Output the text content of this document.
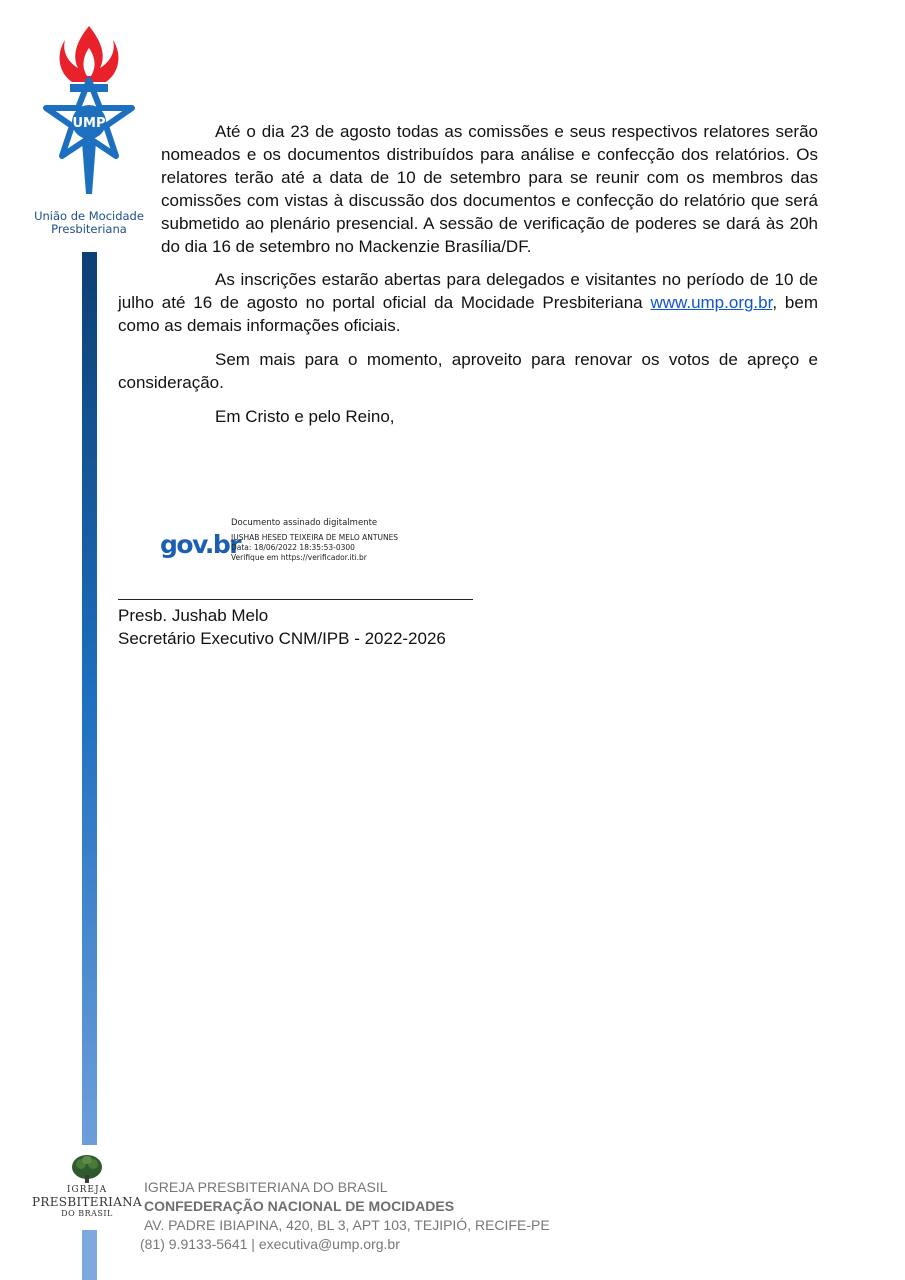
UMP
União de Mocidade
Presbiteriana

Até o dia 23 de agosto todas as comissões e seus respectivos relatores serão nomeados e os documentos distribuídos para análise e confecção dos relatórios. Os relatores terão até a data de 10 de setembro para se reunir com os membros das comissões com vistas à discussão dos documentos e confecção do relatório que será submetido ao plenário presencial. A sessão de verificação de poderes se dará às 20h do dia 16 de setembro no Mackenzie Brasília/DF.

As inscrições estarão abertas para delegados e visitantes no período de 10 de julho até 16 de agosto no portal oficial da Mocidade Presbiteriana www.ump.org.br, bem como as demais informações oficiais.

Sem mais para o momento, aproveito para renovar os votos de apreço e consideração.

Em Cristo e pelo Reino,

gov.br
Documento assinado digitalmente
JUSHAB HESED TEIXEIRA DE MELO ANTUNES
Data: 18/06/2022 18:35:53-0300
Verifique em https://verificador.iti.br
Presb. Jushab Melo
Secretário Executivo CNM/IPB - 2022-2026
IGREJA
PRESBITERIANA
DO BRASIL
IGREJA PRESBITERIANA DO BRASIL
CONFEDERAÇÃO NACIONAL DE MOCIDADES
AV. PADRE IBIAPINA, 420, BL 3, APT 103, TEJIPIÓ, RECIFE-PE
(81) 9.9133-5641 | executiva@ump.org.br
